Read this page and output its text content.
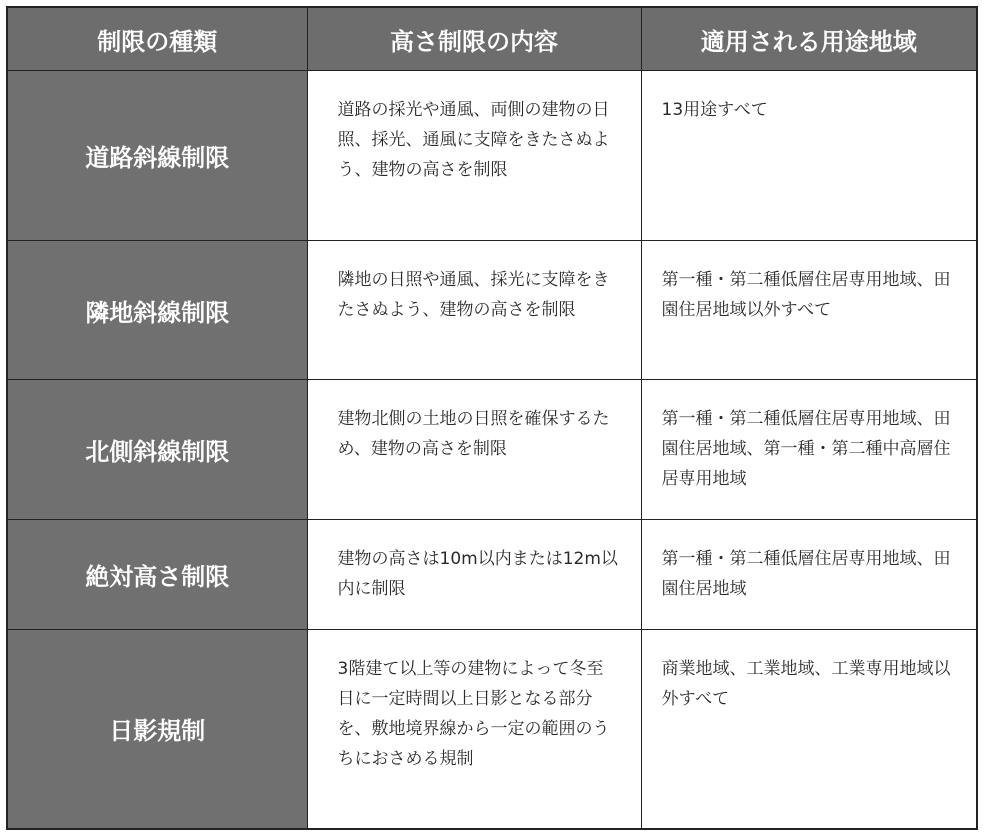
制限の種類	高さ制限の内容	適用される用途地域
道路斜線制限	道路の採光や通風、両側の建物の日照、採光、通風に支障をきたさぬよう、建物の高さを制限	13用途すべて
隣地斜線制限	隣地の日照や通風、採光に支障をきたさぬよう、建物の高さを制限	第一種・第二種低層住居専用地域、田園住居地域以外すべて
北側斜線制限	建物北側の土地の日照を確保するため、建物の高さを制限	第一種・第二種低層住居専用地域、田園住居地域、第一種・第二種中高層住居専用地域
絶対高さ制限	建物の高さは10m以内または12m以内に制限	第一種・第二種低層住居専用地域、田園住居地域
日影規制	3階建て以上等の建物によって冬至日に一定時間以上日影となる部分を、敷地境界線から一定の範囲のうちにおさめる規制	商業地域、工業地域、工業専用地域以外すべて
